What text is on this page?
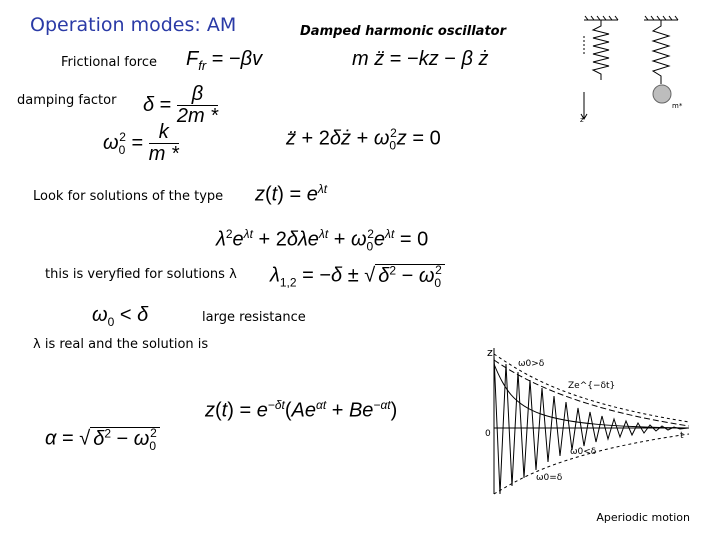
Operation modes: AM	Damped harmonic oscillator
z
m*
Frictional force
damping factor
Look for solutions of the type
this is veryfied for solutions λ
large resistance
λ is real and the solution is
$F_{fr} = -\beta v$	m z̈ = −kz − β ż
$\delta = \frac{\beta}{2m *}$
$\omega_0^2 = \frac{k}{m *}$	z̈ + 2δż + $\omega_0^2z = 0$
$z(t) = e^{\lambda t}$
$\lambda^2e^{\lambda t} + 2\delta\lambda e^{\lambda t} + \omega_0^2e^{\lambda t} = 0$
$\lambda_{1,2} = -\delta$ ± √ $\delta^2 - \omega_0^2$
$\omega_0 < \delta$
$z(t) = e^{-\delta t}(Ae^{\alpha t} + Be^{-\alpha t})$
α = √ $\delta^2 - \omega_0^2$
z
0	t
Ze^{−δt}
ω0>δ
ω0<δ
ω0=δ
Aperiodic motion
